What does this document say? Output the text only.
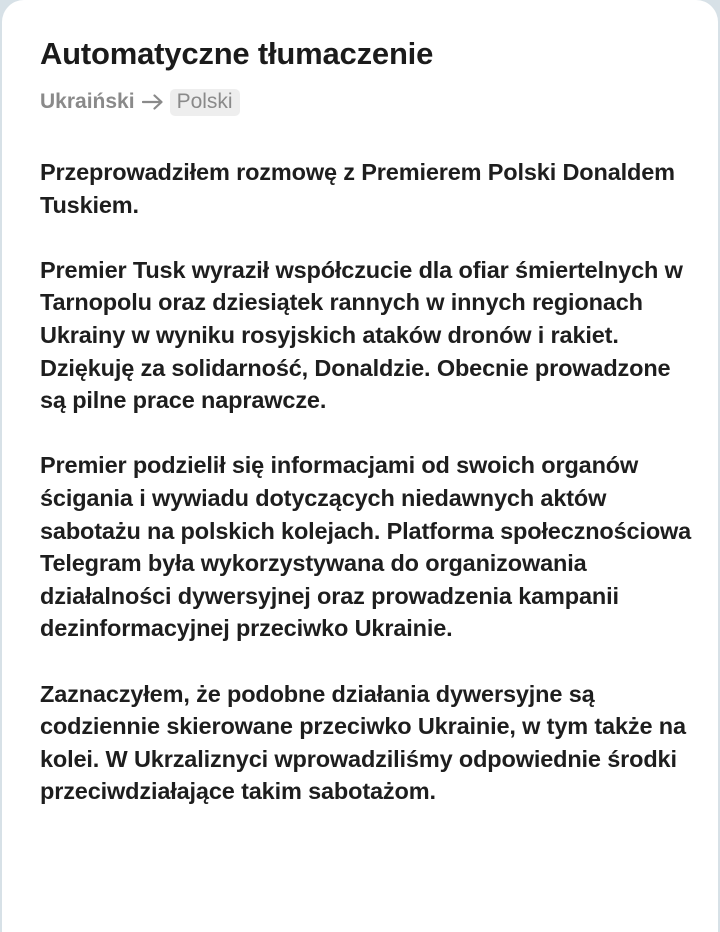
Automatyczne tłumaczenie
Ukraiński	Polski

Przeprowadziłem rozmowę z Premierem Polski Donaldem Tuskiem.

Premier Tusk wyraził współczucie dla ofiar śmiertelnych w Tarnopolu oraz dziesiątek rannych w innych regionach Ukrainy w wyniku rosyjskich ataków dronów i rakiet. Dziękuję za solidarność, Donaldzie. Obecnie prowadzone są pilne prace naprawcze.

Premier podzielił się informacjami od swoich organów ścigania i wywiadu dotyczących niedawnych aktów sabotażu na polskich kolejach. Platforma społecznościowa Telegram była wykorzystywana do organizowania działalności dywersyjnej oraz prowadzenia kampanii dezinformacyjnej przeciwko Ukrainie.

Zaznaczyłem, że podobne działania dywersyjne są codziennie skierowane przeciwko Ukrainie, w tym także na kolei. W Ukrzaliznyci wprowadziliśmy odpowiednie środki przeciwdziałające takim sabotażom.
